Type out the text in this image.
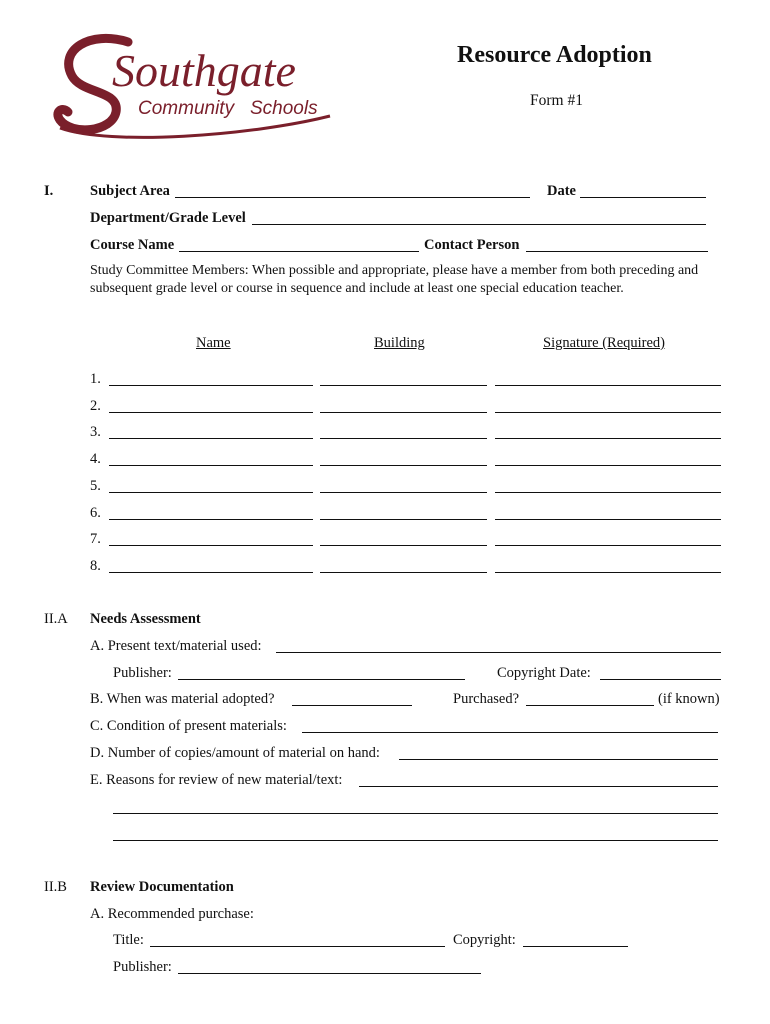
Southgate
Community Schools
Resource Adoption
Form #1
I.	Subject Area	Date
Department/Grade Level
Course Name	Contact Person
Study Committee Members: When possible and appropriate, please have a member from both preceding and subsequent grade level or course in sequence and include at least one special education teacher.
Name	Building	Signature (Required)
1.
2.
3.
4.
5.
6.
7.
8.
II.A Needs Assessment
A. Present text/material used:
Publisher:	Copyright Date:
B. When was material adopted?	Purchased?	(if known)
C. Condition of present materials:
D. Number of copies/amount of material on hand:
E. Reasons for review of new material/text:
II.B Review Documentation
A. Recommended purchase:
Title:	Copyright:
Publisher:
